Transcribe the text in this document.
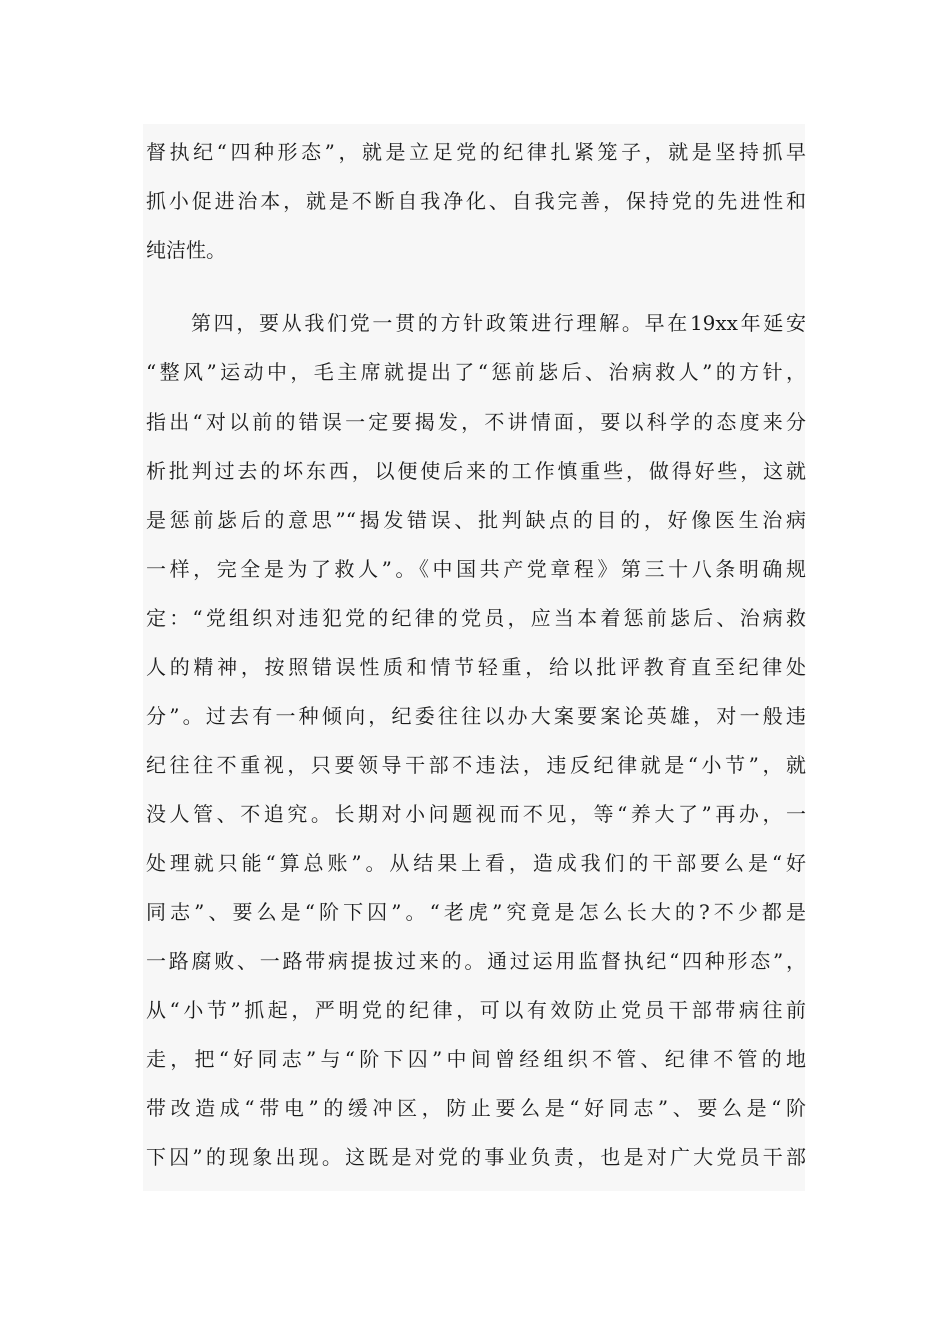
督执纪“四种形态”，就是立足党的纪律扎紧笼子，就是坚持抓早
抓小促进治本，就是不断自我净化、自我完善，保持党的先进性和
纯洁性。
第四，要从我们党一贯的方针政策进行理解。早在19xx年延安
“整风”运动中，毛主席就提出了“惩前毖后、治病救人”的方针，
指出“对以前的错误一定要揭发，不讲情面，要以科学的态度来分
析批判过去的坏东西，以便使后来的工作慎重些，做得好些，这就
是惩前毖后的意思”“揭发错误、批判缺点的目的，好像医生治病
一样，完全是为了救人”。《中国共产党章程》第三十八条明确规
定：“党组织对违犯党的纪律的党员，应当本着惩前毖后、治病救
人的精神，按照错误性质和情节轻重，给以批评教育直至纪律处
分”。过去有一种倾向，纪委往往以办大案要案论英雄，对一般违
纪往往不重视，只要领导干部不违法，违反纪律就是“小节”，就
没人管、不追究。长期对小问题视而不见，等“养大了”再办，一
处理就只能“算总账”。从结果上看，造成我们的干部要么是“好
同志”、要么是“阶下囚”。“老虎”究竟是怎么长大的?不少都是
一路腐败、一路带病提拔过来的。通过运用监督执纪“四种形态”，
从“小节”抓起，严明党的纪律，可以有效防止党员干部带病往前
走，把“好同志”与“阶下囚”中间曾经组织不管、纪律不管的地
带改造成“带电”的缓冲区，防止要么是“好同志”、要么是“阶
下囚”的现象出现。这既是对党的事业负责，也是对广大党员干部
